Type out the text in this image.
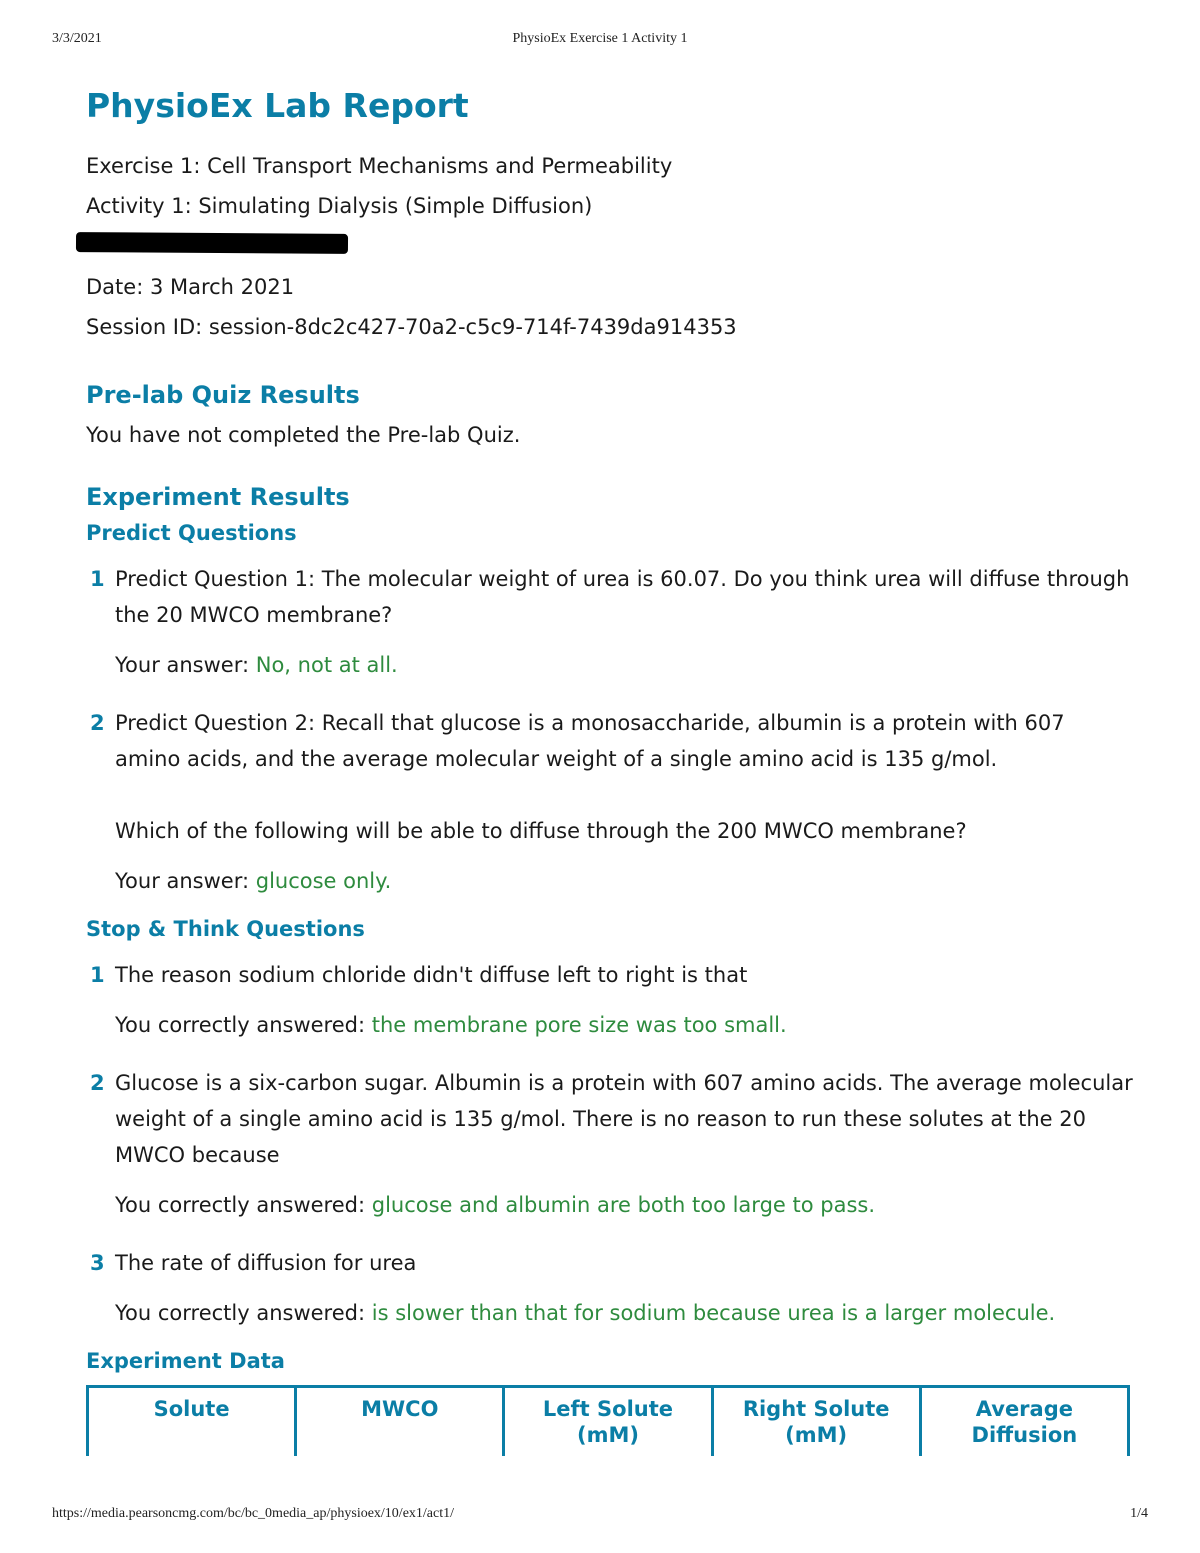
3/3/2021	PhysioEx Exercise 1 Activity 1
PhysioEx Lab Report
Exercise 1: Cell Transport Mechanisms and Permeability
Activity 1: Simulating Dialysis (Simple Diffusion)
Date: 3 March 2021
Session ID: session-8dc2c427-70a2-c5c9-714f-7439da914353
Pre-lab Quiz Results
You have not completed the Pre-lab Quiz.
Experiment Results
Predict Questions
1 Predict Question 1: The molecular weight of urea is 60.07. Do you think urea will diffuse through the 20 MWCO membrane?
Your answer: No, not at all.
2 Predict Question 2: Recall that glucose is a monosaccharide, albumin is a protein with 607 amino acids, and the average molecular weight of a single amino acid is 135 g/mol.
Which of the following will be able to diffuse through the 200 MWCO membrane?
Your answer: glucose only.
Stop & Think Questions
1 The reason sodium chloride didn't diffuse left to right is that
You correctly answered: the membrane pore size was too small.
2 Glucose is a six-carbon sugar. Albumin is a protein with 607 amino acids. The average molecular weight of a single amino acid is 135 g/mol. There is no reason to run these solutes at the 20 MWCO because
You correctly answered: glucose and albumin are both too large to pass.
3 The rate of diffusion for urea
You correctly answered: is slower than that for sodium because urea is a larger molecule.
Experiment Data
Solute	MWCO	Left Solute (mM)	Right Solute (mM)	Average Diffusion
https://media.pearsoncmg.com/bc/bc_0media_ap/physioex/10/ex1/act1/	1/4
